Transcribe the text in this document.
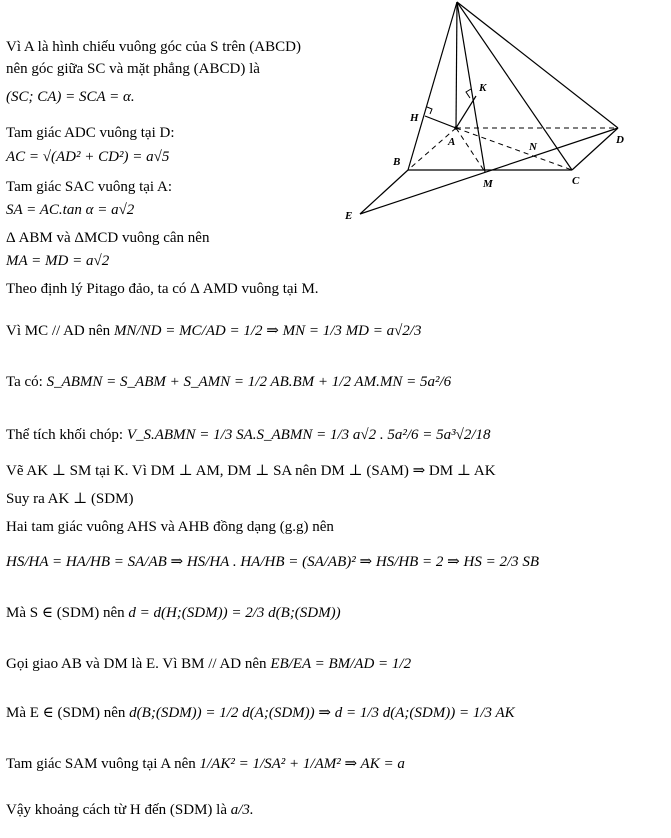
Vì A là hình chiếu vuông góc của S trên (ABCD)
nên góc giữa SC và mặt phẳng (ABCD) là
(SC; CA) = SCA = α.
Tam giác ADC vuông tại D:
AC = √(AD² + CD²) = a√5
Tam giác SAC vuông tại A:
SA = AC.tan α = a√2
Δ ABM và ΔMCD vuông cân nên
MA = MD = a√2
Theo định lý Pitago đảo, ta có Δ AMD vuông tại M.
Vì MC // AD nên MN/ND = MC/AD = 1/2 ⇒ MN = 1/3 MD = a√2/3
Ta có: S_ABMN = S_ABM + S_AMN = 1/2 AB.BM + 1/2 AM.MN = 5a²/6
Thể tích khối chóp: V_S.ABMN = 1/3 SA.S_ABMN = 1/3 a√2 . 5a²/6 = 5a³√2/18
Vẽ AK ⊥ SM tại K. Vì DM ⊥ AM, DM ⊥ SA nên DM ⊥ (SAM) ⇒ DM ⊥ AK
Suy ra AK ⊥ (SDM)
Hai tam giác vuông AHS và AHB đồng dạng (g.g) nên
HS/HA = HA/HB = SA/AB ⇒ HS/HA . HA/HB = (SA/AB)² ⇒ HS/HB = 2 ⇒ HS = 2/3 SB
Mà S ∈ (SDM) nên d = d(H;(SDM)) = 2/3 d(B;(SDM))
Gọi giao AB và DM là E. Vì BM // AD nên EB/EA = BM/AD = 1/2
Mà E ∈ (SDM) nên d(B;(SDM)) = 1/2 d(A;(SDM)) ⇒ d = 1/3 d(A;(SDM)) = 1/3 AK
Tam giác SAM vuông tại A nên 1/AK² = 1/SA² + 1/AM² ⇒ AK = a
Vậy khoảng cách từ H đến (SDM) là a/3.
K
H
A	D
N
B
M	C
E
